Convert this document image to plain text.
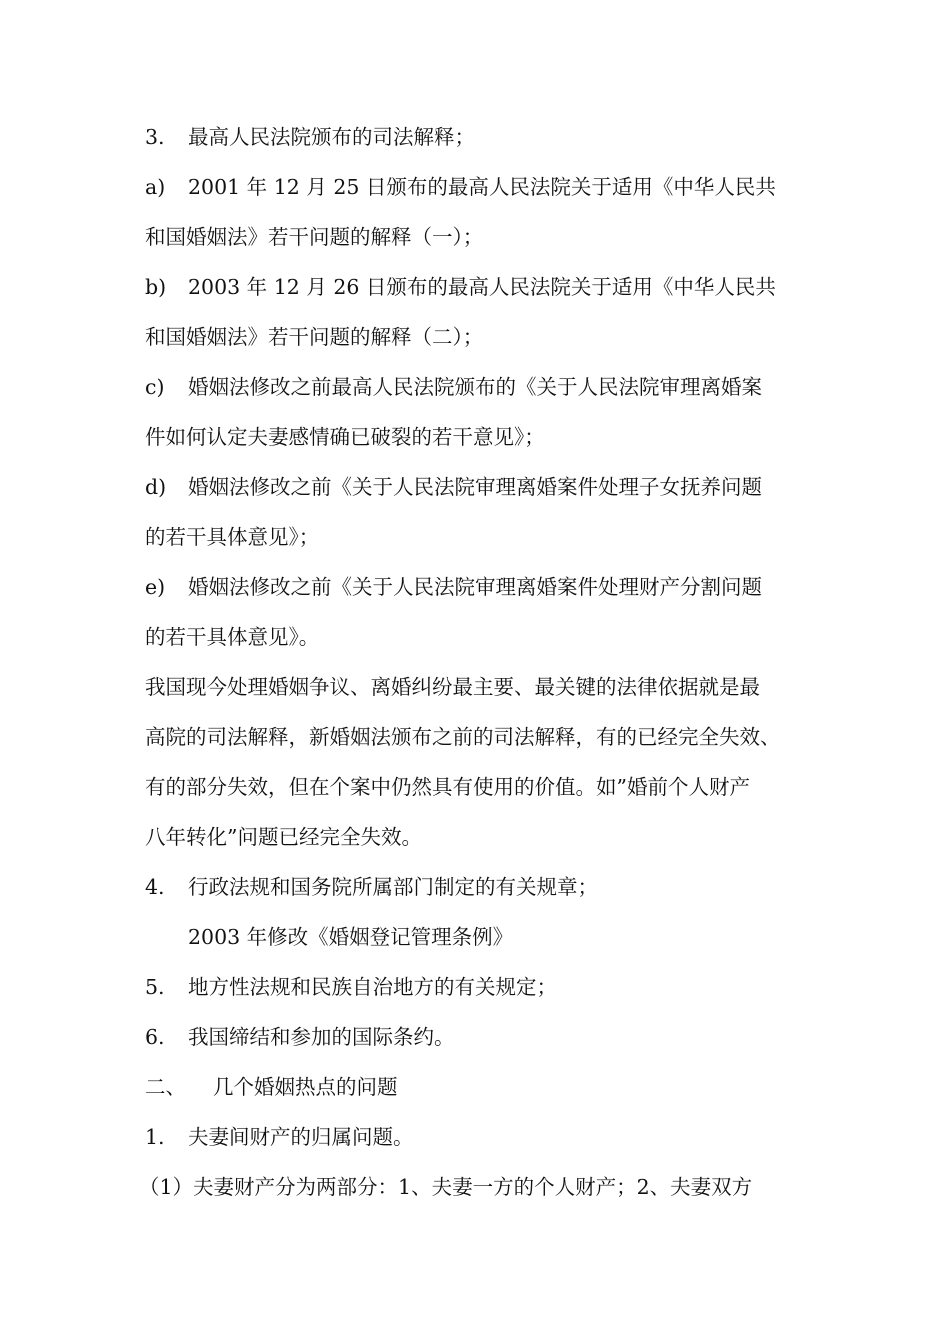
3. 最高人民法院颁布的司法解释；
a) 2001 年 12 月 25 日颁布的最高人民法院关于适用《中华人民共
和国婚姻法》若干问题的解释（一）；
b) 2003 年 12 月 26 日颁布的最高人民法院关于适用《中华人民共
和国婚姻法》若干问题的解释（二）；
c) 婚姻法修改之前最高人民法院颁布的《关于人民法院审理离婚案
件如何认定夫妻感情确已破裂的若干意见》；
d) 婚姻法修改之前《关于人民法院审理离婚案件处理子女抚养问题
的若干具体意见》；
e) 婚姻法修改之前《关于人民法院审理离婚案件处理财产分割问题
的若干具体意见》。
我国现今处理婚姻争议、离婚纠纷最主要、最关键的法律依据就是最
高院的司法解释，新婚姻法颁布之前的司法解释，有的已经完全失效、
有的部分失效，但在个案中仍然具有使用的价值。如”婚前个人财产
八年转化”问题已经完全失效。
4. 行政法规和国务院所属部门制定的有关规章；
2003 年修改《婚姻登记管理条例》
5. 地方性法规和民族自治地方的有关规定；
6. 我国缔结和参加的国际条约。
二、 几个婚姻热点的问题
1. 夫妻间财产的归属问题。
（1）夫妻财产分为两部分：1、夫妻一方的个人财产；2、夫妻双方
